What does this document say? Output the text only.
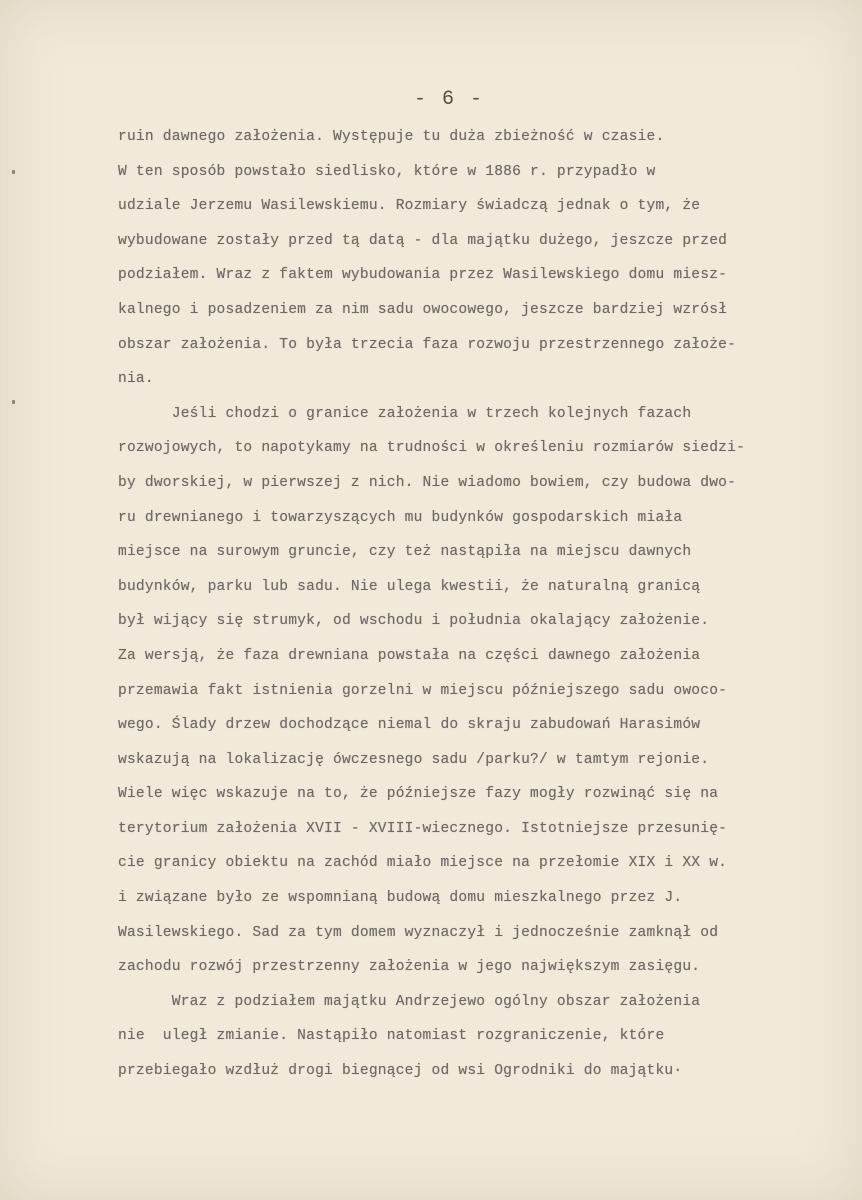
- 6 -
ruin dawnego założenia. Występuje tu duża zbieżność w czasie.
W ten sposób powstało siedlisko, które w 1886 r. przypadło w
udziale Jerzemu Wasilewskiemu. Rozmiary świadczą jednak o tym, że
wybudowane zostały przed tą datą - dla majątku dużego, jeszcze przed
podziałem. Wraz z faktem wybudowania przez Wasilewskiego domu miesz-
kalnego i posadzeniem za nim sadu owocowego, jeszcze bardziej wzrósł
obszar założenia. To była trzecia faza rozwoju przestrzennego założe-
nia.
Jeśli chodzi o granice założenia w trzech kolejnych fazach
rozwojowych, to napotykamy na trudności w określeniu rozmiarów siedzi-
by dworskiej, w pierwszej z nich. Nie wiadomo bowiem, czy budowa dwo-
ru drewnianego i towarzyszących mu budynków gospodarskich miała
miejsce na surowym gruncie, czy też nastąpiła na miejscu dawnych
budynków, parku lub sadu. Nie ulega kwestii, że naturalną granicą
był wijący się strumyk, od wschodu i południa okalający założenie.
Za wersją, że faza drewniana powstała na części dawnego założenia
przemawia fakt istnienia gorzelni w miejscu późniejszego sadu owoco-
wego. Ślady drzew dochodzące niemal do skraju zabudowań Harasimów
wskazują na lokalizację ówczesnego sadu /parku?/ w tamtym rejonie.
Wiele więc wskazuje na to, że późniejsze fazy mogły rozwinąć się na
terytorium założenia XVII - XVIII-wiecznego. Istotniejsze przesunię-
cie granicy obiektu na zachód miało miejsce na przełomie XIX i XX w.
i związane było ze wspomnianą budową domu mieszkalnego przez J.
Wasilewskiego. Sad za tym domem wyznaczył i jednocześnie zamknął od
zachodu rozwój przestrzenny założenia w jego największym zasięgu.
Wraz z podziałem majątku Andrzejewo ogólny obszar założenia
nie  uległ zmianie. Nastąpiło natomiast rozgraniczenie, które
przebiegało wzdłuż drogi biegnącej od wsi Ogrodniki do majątku·
